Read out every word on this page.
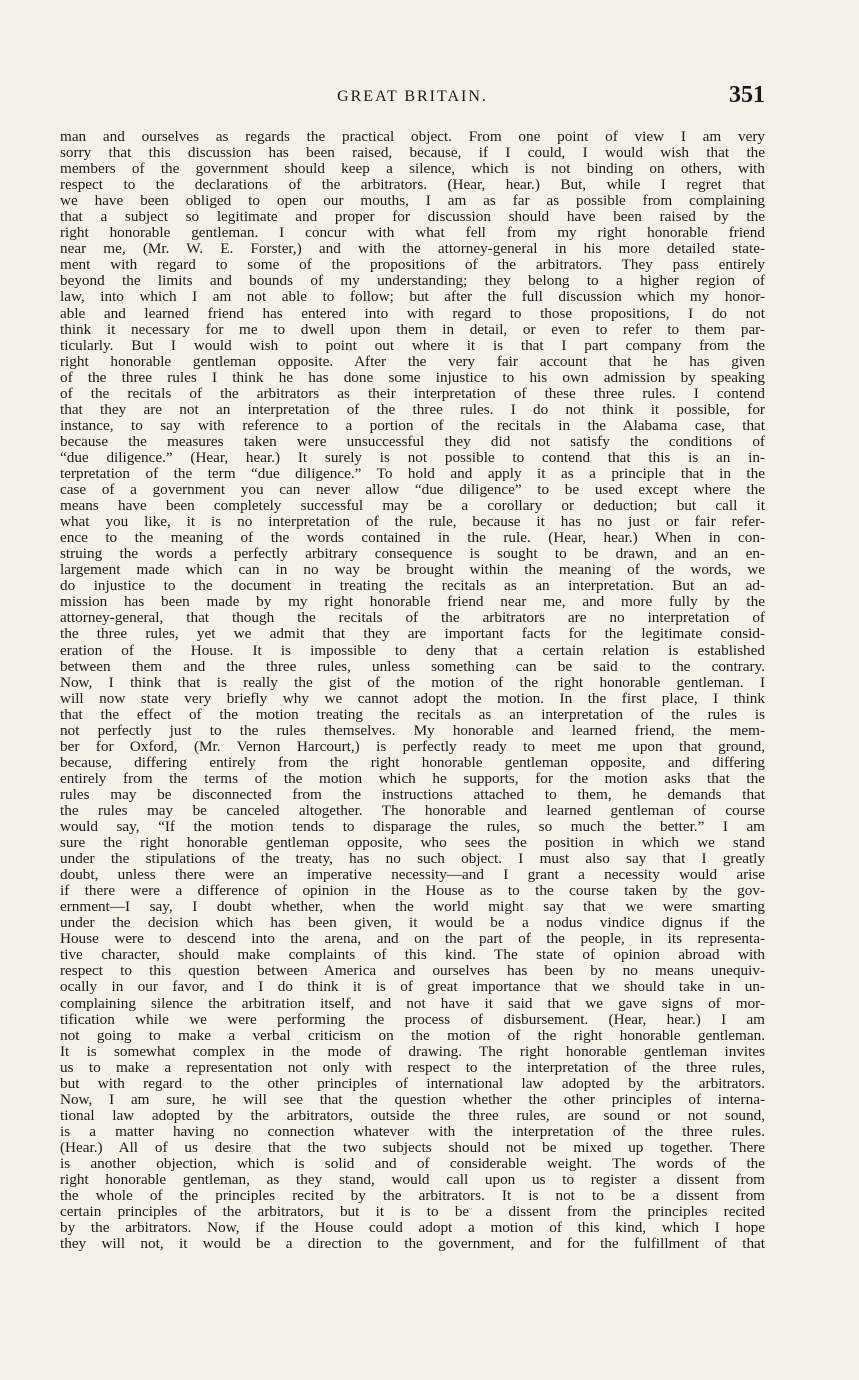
GREAT BRITAIN.	351
man and ourselves as regards the practical object. From one point of view I am very
sorry that this discussion has been raised, because, if I could, I would wish that the
members of the government should keep a silence, which is not binding on others, with
respect to the declarations of the arbitrators. (Hear, hear.) But, while I regret that
we have been obliged to open our mouths, I am as far as possible from complaining
that a subject so legitimate and proper for discussion should have been raised by the
right honorable gentleman. I concur with what fell from my right honorable friend
near me, (Mr. W. E. Forster,) and with the attorney-general in his more detailed state-
ment with regard to some of the propositions of the arbitrators. They pass entirely
beyond the limits and bounds of my understanding; they belong to a higher region of
law, into which I am not able to follow; but after the full discussion which my honor-
able and learned friend has entered into with regard to those propositions, I do not
think it necessary for me to dwell upon them in detail, or even to refer to them par-
ticularly. But I would wish to point out where it is that I part company from the
right honorable gentleman opposite. After the very fair account that he has given
of the three rules I think he has done some injustice to his own admission by speaking
of the recitals of the arbitrators as their interpretation of these three rules. I contend
that they are not an interpretation of the three rules. I do not think it possible, for
instance, to say with reference to a portion of the recitals in the Alabama case, that
because the measures taken were unsuccessful they did not satisfy the conditions of
“due diligence.” (Hear, hear.) It surely is not possible to contend that this is an in-
terpretation of the term “due diligence.” To hold and apply it as a principle that in the
case of a government you can never allow “due diligence” to be used except where the
means have been completely successful may be a corollary or deduction; but call it
what you like, it is no interpretation of the rule, because it has no just or fair refer-
ence to the meaning of the words contained in the rule. (Hear, hear.) When in con-
struing the words a perfectly arbitrary consequence is sought to be drawn, and an en-
largement made which can in no way be brought within the meaning of the words, we
do injustice to the document in treating the recitals as an interpretation. But an ad-
mission has been made by my right honorable friend near me, and more fully by the
attorney-general, that though the recitals of the arbitrators are no interpretation of
the three rules, yet we admit that they are important facts for the legitimate consid-
eration of the House. It is impossible to deny that a certain relation is established
between them and the three rules, unless something can be said to the contrary.
Now, I think that is really the gist of the motion of the right honorable gentleman. I
will now state very briefly why we cannot adopt the motion. In the first place, I think
that the effect of the motion treating the recitals as an interpretation of the rules is
not perfectly just to the rules themselves. My honorable and learned friend, the mem-
ber for Oxford, (Mr. Vernon Harcourt,) is perfectly ready to meet me upon that ground,
because, differing entirely from the right honorable gentleman opposite, and differing
entirely from the terms of the motion which he supports, for the motion asks that the
rules may be disconnected from the instructions attached to them, he demands that
the rules may be canceled altogether. The honorable and learned gentleman of course
would say, “If the motion tends to disparage the rules, so much the better.” I am
sure the right honorable gentleman opposite, who sees the position in which we stand
under the stipulations of the treaty, has no such object. I must also say that I greatly
doubt, unless there were an imperative necessity—and I grant a necessity would arise
if there were a difference of opinion in the House as to the course taken by the gov-
ernment—I say, I doubt whether, when the world might say that we were smarting
under the decision which has been given, it would be a nodus vindice dignus if the
House were to descend into the arena, and on the part of the people, in its representa-
tive character, should make complaints of this kind. The state of opinion abroad with
respect to this question between America and ourselves has been by no means unequiv-
ocally in our favor, and I do think it is of great importance that we should take in un-
complaining silence the arbitration itself, and not have it said that we gave signs of mor-
tification while we were performing the process of disbursement. (Hear, hear.) I am
not going to make a verbal criticism on the motion of the right honorable gentleman.
It is somewhat complex in the mode of drawing. The right honorable gentleman invites
us to make a representation not only with respect to the interpretation of the three rules,
but with regard to the other principles of international law adopted by the arbitrators.
Now, I am sure, he will see that the question whether the other principles of interna-
tional law adopted by the arbitrators, outside the three rules, are sound or not sound,
is a matter having no connection whatever with the interpretation of the three rules.
(Hear.) All of us desire that the two subjects should not be mixed up together. There
is another objection, which is solid and of considerable weight. The words of the
right honorable gentleman, as they stand, would call upon us to register a dissent from
the whole of the principles recited by the arbitrators. It is not to be a dissent from
certain principles of the arbitrators, but it is to be a dissent from the principles recited
by the arbitrators. Now, if the House could adopt a motion of this kind, which I hope
they will not, it would be a direction to the government, and for the fulfillment of that
